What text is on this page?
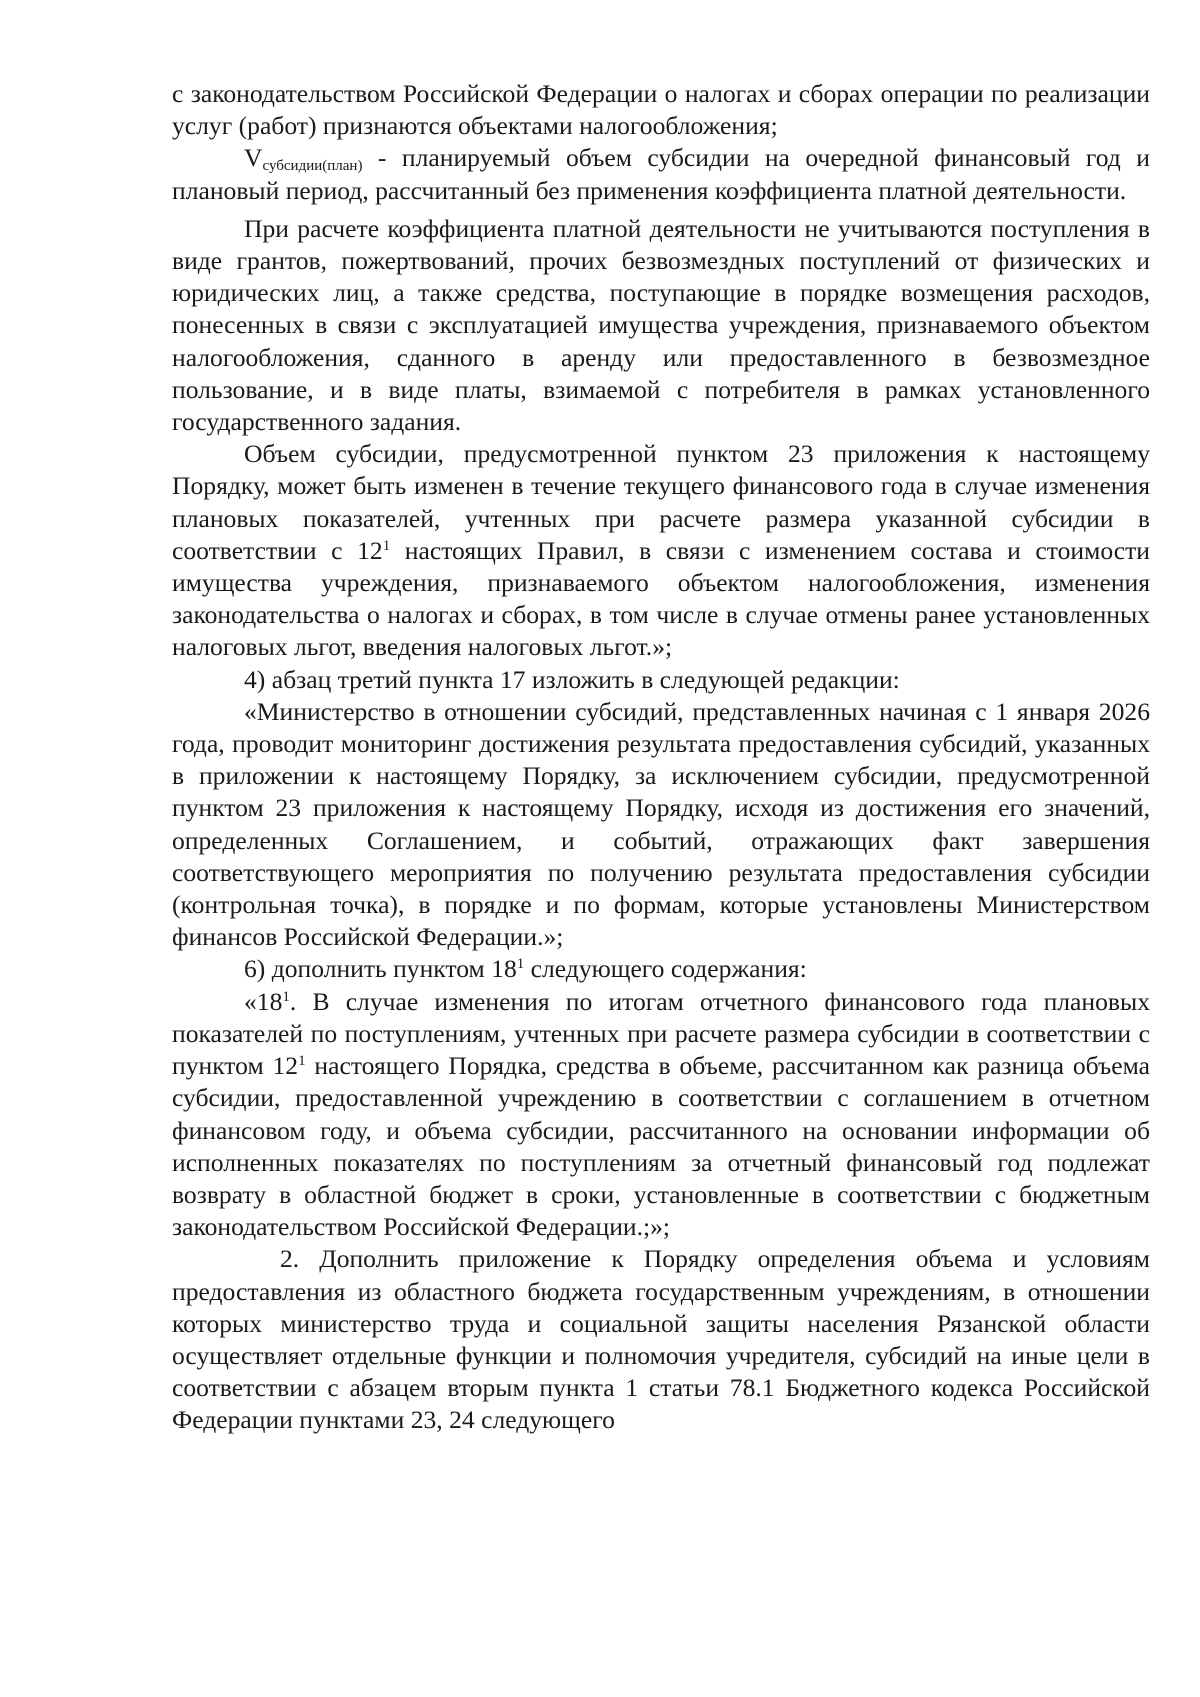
с законодательством Российской Федерации о налогах и сборах операции по реализации услуг (работ) признаются объектами налогообложения;

$V_{субсидии(план)}$ - планируемый объем субсидии на очередной финансовый год и плановый период, рассчитанный без применения коэффициента платной деятельности.

При расчете коэффициента платной деятельности не учитываются поступления в виде грантов, пожертвований, прочих безвозмездных поступлений от физических и юридических лиц, а также средства, поступающие в порядке возмещения расходов, понесенных в связи с эксплуатацией имущества учреждения, признаваемого объектом налогообложения, сданного в аренду или предоставленного в безвозмездное пользование, и в виде платы, взимаемой с потребителя в рамках установленного государственного задания.

Объем субсидии, предусмотренной пунктом 23 приложения к настоящему Порядку, может быть изменен в течение текущего финансового года в случае изменения плановых показателей, учтенных при расчете размера указанной субсидии в соответствии с $12^1$ настоящих Правил, в связи с изменением состава и стоимости имущества учреждения, признаваемого объектом налогообложения, изменения законодательства о налогах и сборах, в том числе в случае отмены ранее установленных налоговых льгот, введения налоговых льгот.»;

4) абзац третий пункта 17 изложить в следующей редакции:

«Министерство в отношении субсидий, представленных начиная с 1 января 2026 года, проводит мониторинг достижения результата предоставления субсидий, указанных в приложении к настоящему Порядку, за исключением субсидии, предусмотренной пунктом 23 приложения к настоящему Порядку, исходя из достижения его значений, определенных Соглашением, и событий, отражающих факт завершения соответствующего мероприятия по получению результата предоставления субсидии (контрольная точка), в порядке и по формам, которые установлены Министерством финансов Российской Федерации.»;

6) дополнить пунктом $18^1$ следующего содержания:

«$18^1$. В случае изменения по итогам отчетного финансового года плановых показателей по поступлениям, учтенных при расчете размера субсидии в соответствии с пунктом $12^1$ настоящего Порядка, средства в объеме, рассчитанном как разница объема субсидии, предоставленной учреждению в соответствии с соглашением в отчетном финансовом году, и объема субсидии, рассчитанного на основании информации об исполненных показателях по поступлениям за отчетный финансовый год подлежат возврату в областной бюджет в сроки, установленные в соответствии с бюджетным законодательством Российской Федерации.;»;

2. Дополнить приложение к Порядку определения объема и условиям предоставления из областного бюджета государственным учреждениям, в отношении которых министерство труда и социальной защиты населения Рязанской области осуществляет отдельные функции и полномочия учредителя, субсидий на иные цели в соответствии с абзацем вторым пункта 1 статьи 78.1 Бюджетного кодекса Российской Федерации пунктами 23, 24 следующего
